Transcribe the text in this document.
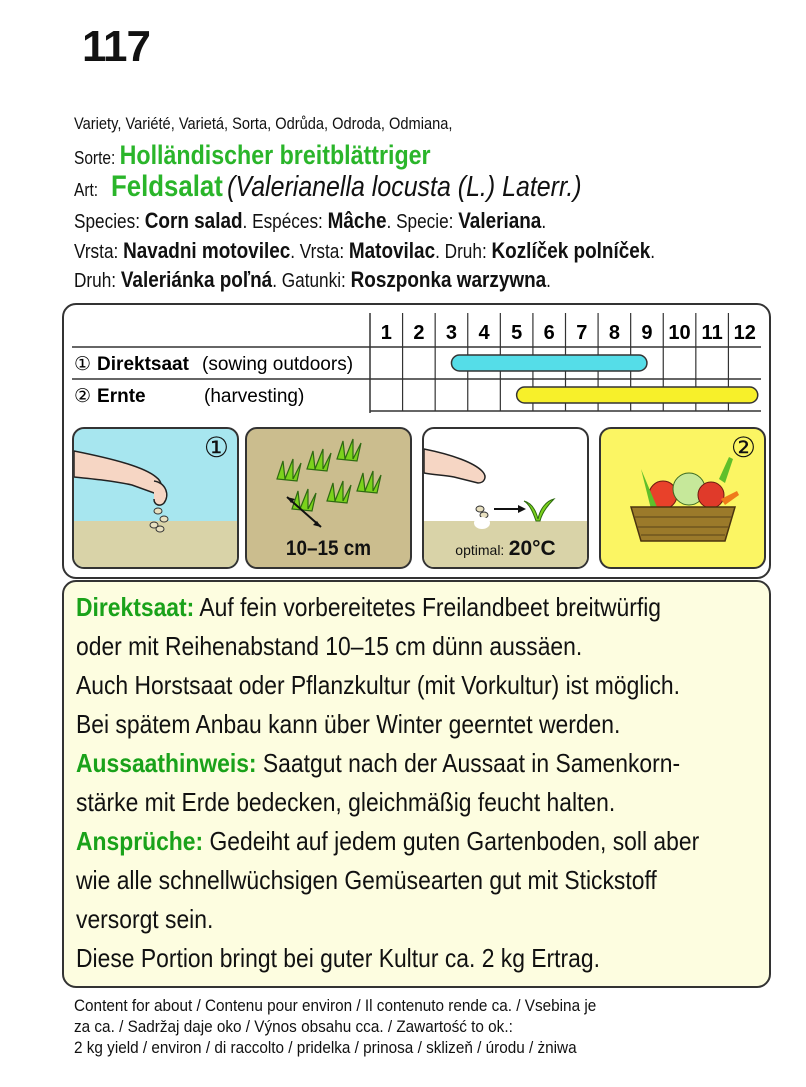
117
Variety, Variété, Varietá, Sorta, Odrůda, Odroda, Odmiana,
Sorte: Holländischer breitblättriger
Art: Feldsalat (Valerianella locusta (L.) Laterr.)
Species: Corn salad. Espéces: Mâche. Specie: Valeriana.
Vrsta: Navadni motovilec. Vrsta: Matovilac. Druh: Kozlíček polníček.
Druh: Valeriánka poľná. Gatunki: Roszponka warzywna.
1 2 3 4 5 6 7 8 9 10 11 12
① Direktsaat (sowing outdoors)
② Ernte	(harvesting)
①
10–15 cm	optimal: 20°C
②
Direktsaat: Auf fein vorbereitetes Freilandbeet breitwürfig
oder mit Reihenabstand 10–15 cm dünn aussäen.
Auch Horstsaat oder Pflanzkultur (mit Vorkultur) ist möglich.
Bei spätem Anbau kann über Winter geerntet werden.
Aussaathinweis: Saatgut nach der Aussaat in Samenkorn-
stärke mit Erde bedecken, gleichmäßig feucht halten.
Ansprüche: Gedeiht auf jedem guten Gartenboden, soll aber
wie alle schnellwüchsigen Gemüsearten gut mit Stickstoff
versorgt sein.
Diese Portion bringt bei guter Kultur ca. 2 kg Ertrag.
Content for about / Contenu pour environ / Il contenuto rende ca. / Vsebina je
za ca. / Sadržaj daje oko / Výnos obsahu cca. / Zawartość to ok.:
2 kg yield / environ / di raccolto / pridelka / prinosa / sklizeň / úrodu / żniwa
